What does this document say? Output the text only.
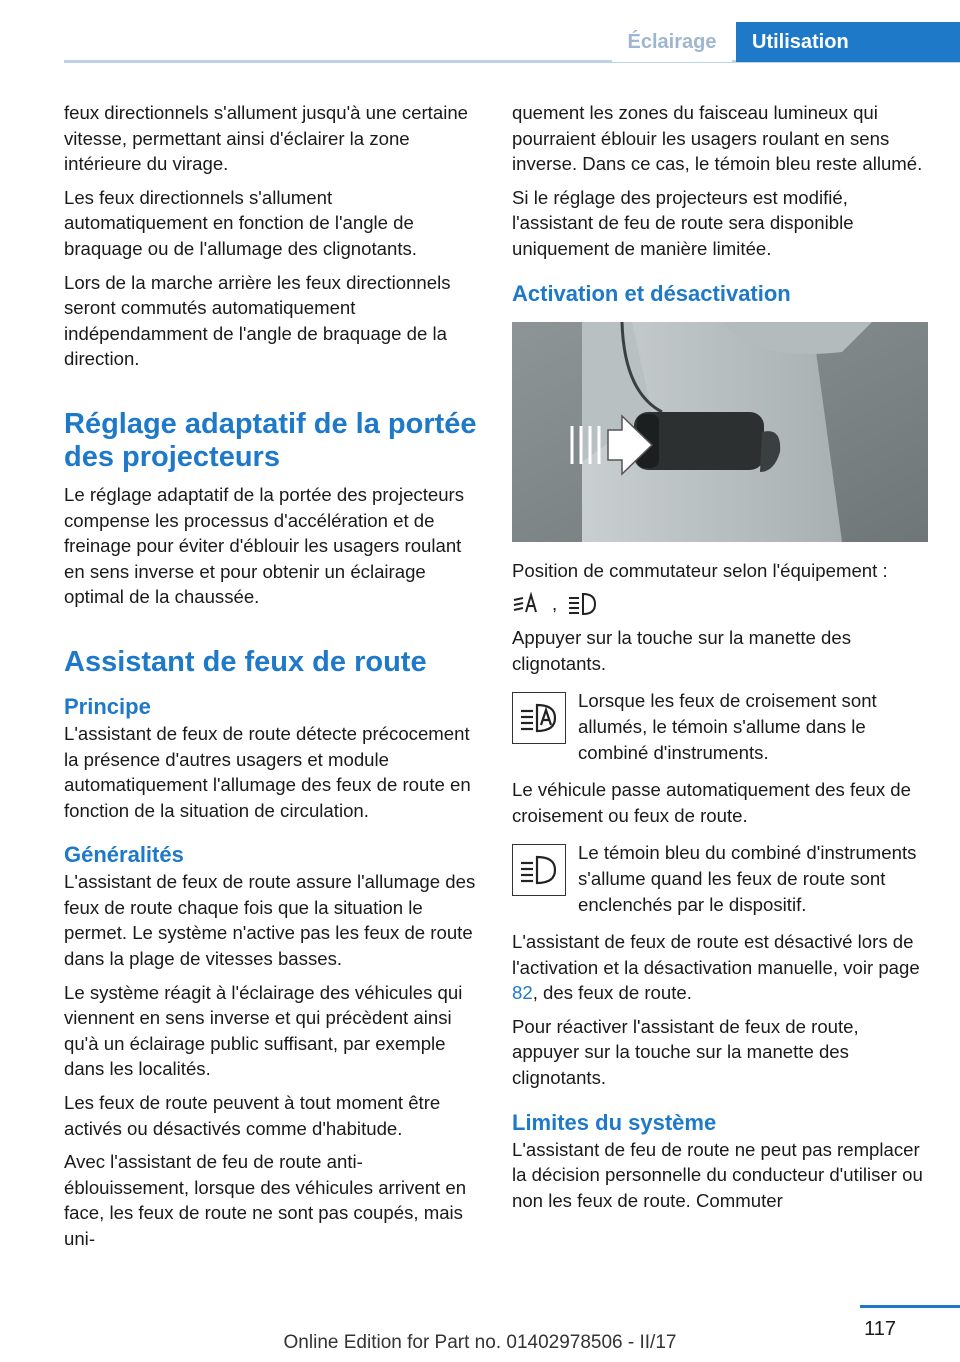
Éclairage	Utilisation

feux directionnels s'allument jusqu'à une certaine vitesse, permettant ainsi d'éclairer la zone intérieure du virage.

Les feux directionnels s'allument automatiquement en fonction de l'angle de braquage ou de l'allumage des clignotants.

Lors de la marche arrière les feux directionnels seront commutés automatiquement indépendamment de l'angle de braquage de la direction.

Réglage adaptatif de la portée des projecteurs

Le réglage adaptatif de la portée des projecteurs compense les processus d'accélération et de freinage pour éviter d'éblouir les usagers roulant en sens inverse et pour obtenir un éclairage optimal de la chaussée.

Assistant de feux de route
Principe

L'assistant de feux de route détecte précocement la présence d'autres usagers et module automatiquement l'allumage des feux de route en fonction de la situation de circulation.

Généralités

L'assistant de feux de route assure l'allumage des feux de route chaque fois que la situation le permet. Le système n'active pas les feux de route dans la plage de vitesses basses.

Le système réagit à l'éclairage des véhicules qui viennent en sens inverse et qui précèdent ainsi qu'à un éclairage public suffisant, par exemple dans les localités.

Les feux de route peuvent à tout moment être activés ou désactivés comme d'habitude.

Avec l'assistant de feu de route anti-éblouissement, lorsque des véhicules arrivent en face, les feux de route ne sont pas coupés, mais uni-

quement les zones du faisceau lumineux qui pourraient éblouir les usagers roulant en sens inverse. Dans ce cas, le témoin bleu reste allumé.

Si le réglage des projecteurs est modifié, l'assistant de feu de route sera disponible uniquement de manière limitée.

Activation et désactivation

Position de commutateur selon l'équipement :

,

Appuyer sur la touche sur la manette des clignotants.

Lorsque les feux de croisement sont allumés, le témoin s'allume dans le combiné d'instruments.

Le véhicule passe automatiquement des feux de croisement ou feux de route.

Le témoin bleu du combiné d'instruments s'allume quand les feux de route sont enclenchés par le dispositif.

L'assistant de feux de route est désactivé lors de l'activation et la désactivation manuelle, voir page 82, des feux de route.

Pour réactiver l'assistant de feux de route, appuyer sur la touche sur la manette des clignotants.

Limites du système

L'assistant de feu de route ne peut pas remplacer la décision personnelle du conducteur d'utiliser ou non les feux de route. Commuter

117
Online Edition for Part no. 01402978506 - II/17
